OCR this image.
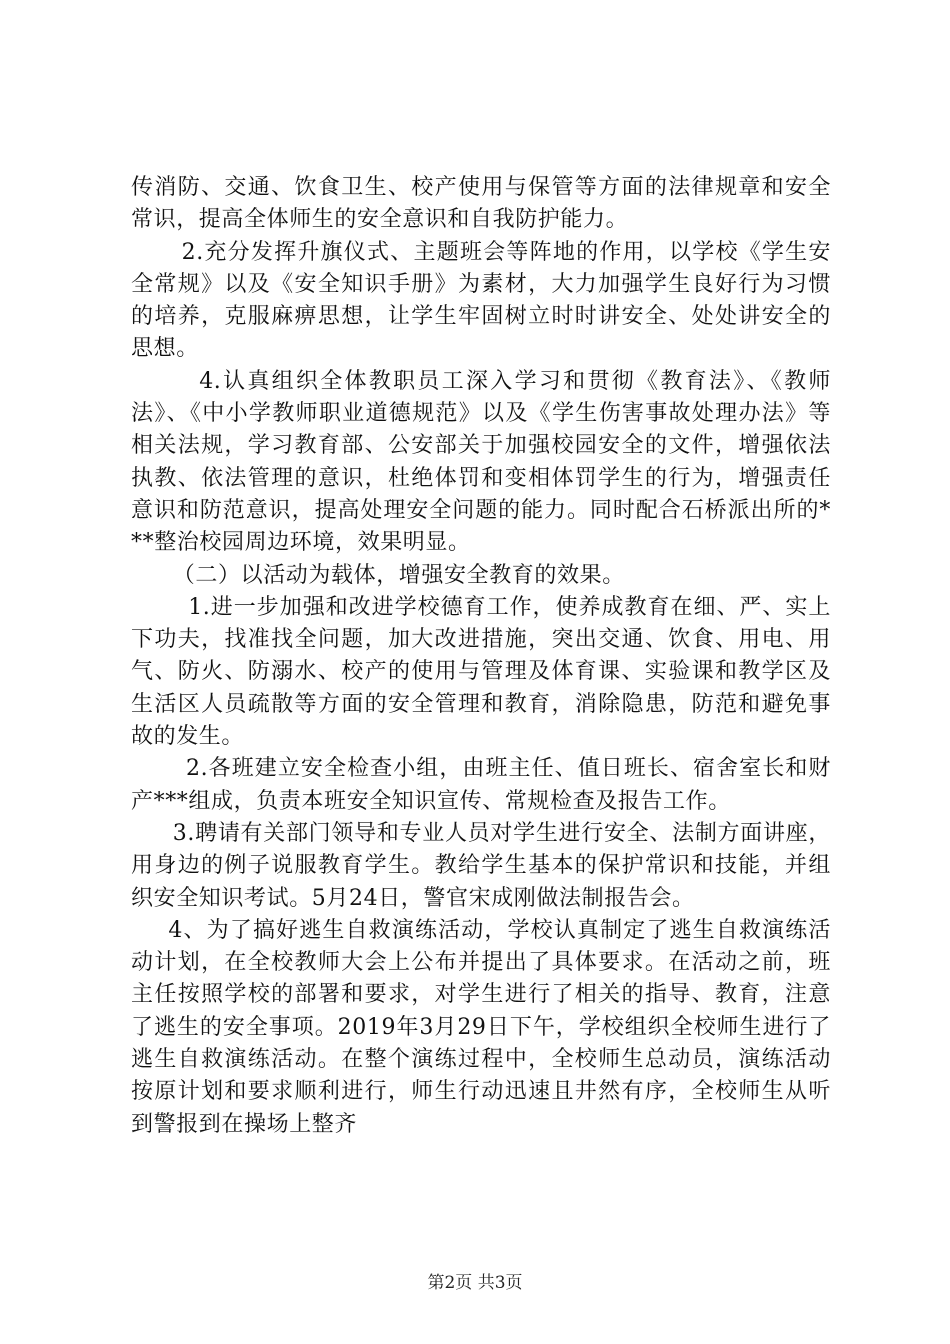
传消防、交通、饮食卫生、校产使用与保管等方面的法律规章和安全常识，提高全体师生的安全意识和自我防护能力。

2.充分发挥升旗仪式、主题班会等阵地的作用，以学校《学生安全常规》以及《安全知识手册》为素材，大力加强学生良好行为习惯的培养，克服麻痹思想，让学生牢固树立时时讲安全、处处讲安全的思想。

4.认真组织全体教职员工深入学习和贯彻《教育法》、《教师法》、《中小学教师职业道德规范》以及《学生伤害事故处理办法》等相关法规，学习教育部、公安部关于加强校园安全的文件，增强依法执教、依法管理的意识，杜绝体罚和变相体罚学生的行为，增强责任意识和防范意识，提高处理安全问题的能力。同时配合石桥派出所的***整治校园周边环境，效果明显。

（二）以活动为载体，增强安全教育的效果。

1.进一步加强和改进学校德育工作，使养成教育在细、严、实上下功夫，找准找全问题，加大改进措施，突出交通、饮食、用电、用气、防火、防溺水、校产的使用与管理及体育课、实验课和教学区及生活区人员疏散等方面的安全管理和教育，消除隐患，防范和避免事故的发生。

2.各班建立安全检查小组，由班主任、值日班长、宿舍室长和财产***组成，负责本班安全知识宣传、常规检查及报告工作。

3.聘请有关部门领导和专业人员对学生进行安全、法制方面讲座，用身边的例子说服教育学生。教给学生基本的保护常识和技能，并组织安全知识考试。5月24日，警官宋成刚做法制报告会。

4、为了搞好逃生自救演练活动，学校认真制定了逃生自救演练活动计划，在全校教师大会上公布并提出了具体要求。在活动之前，班主任按照学校的部署和要求，对学生进行了相关的指导、教育，注意了逃生的安全事项。2019年3月29日下午，学校组织全校师生进行了逃生自救演练活动。在整个演练过程中，全校师生总动员，演练活动按原计划和要求顺利进行，师生行动迅速且井然有序，全校师生从听到警报到在操场上整齐

第2页 共3页
